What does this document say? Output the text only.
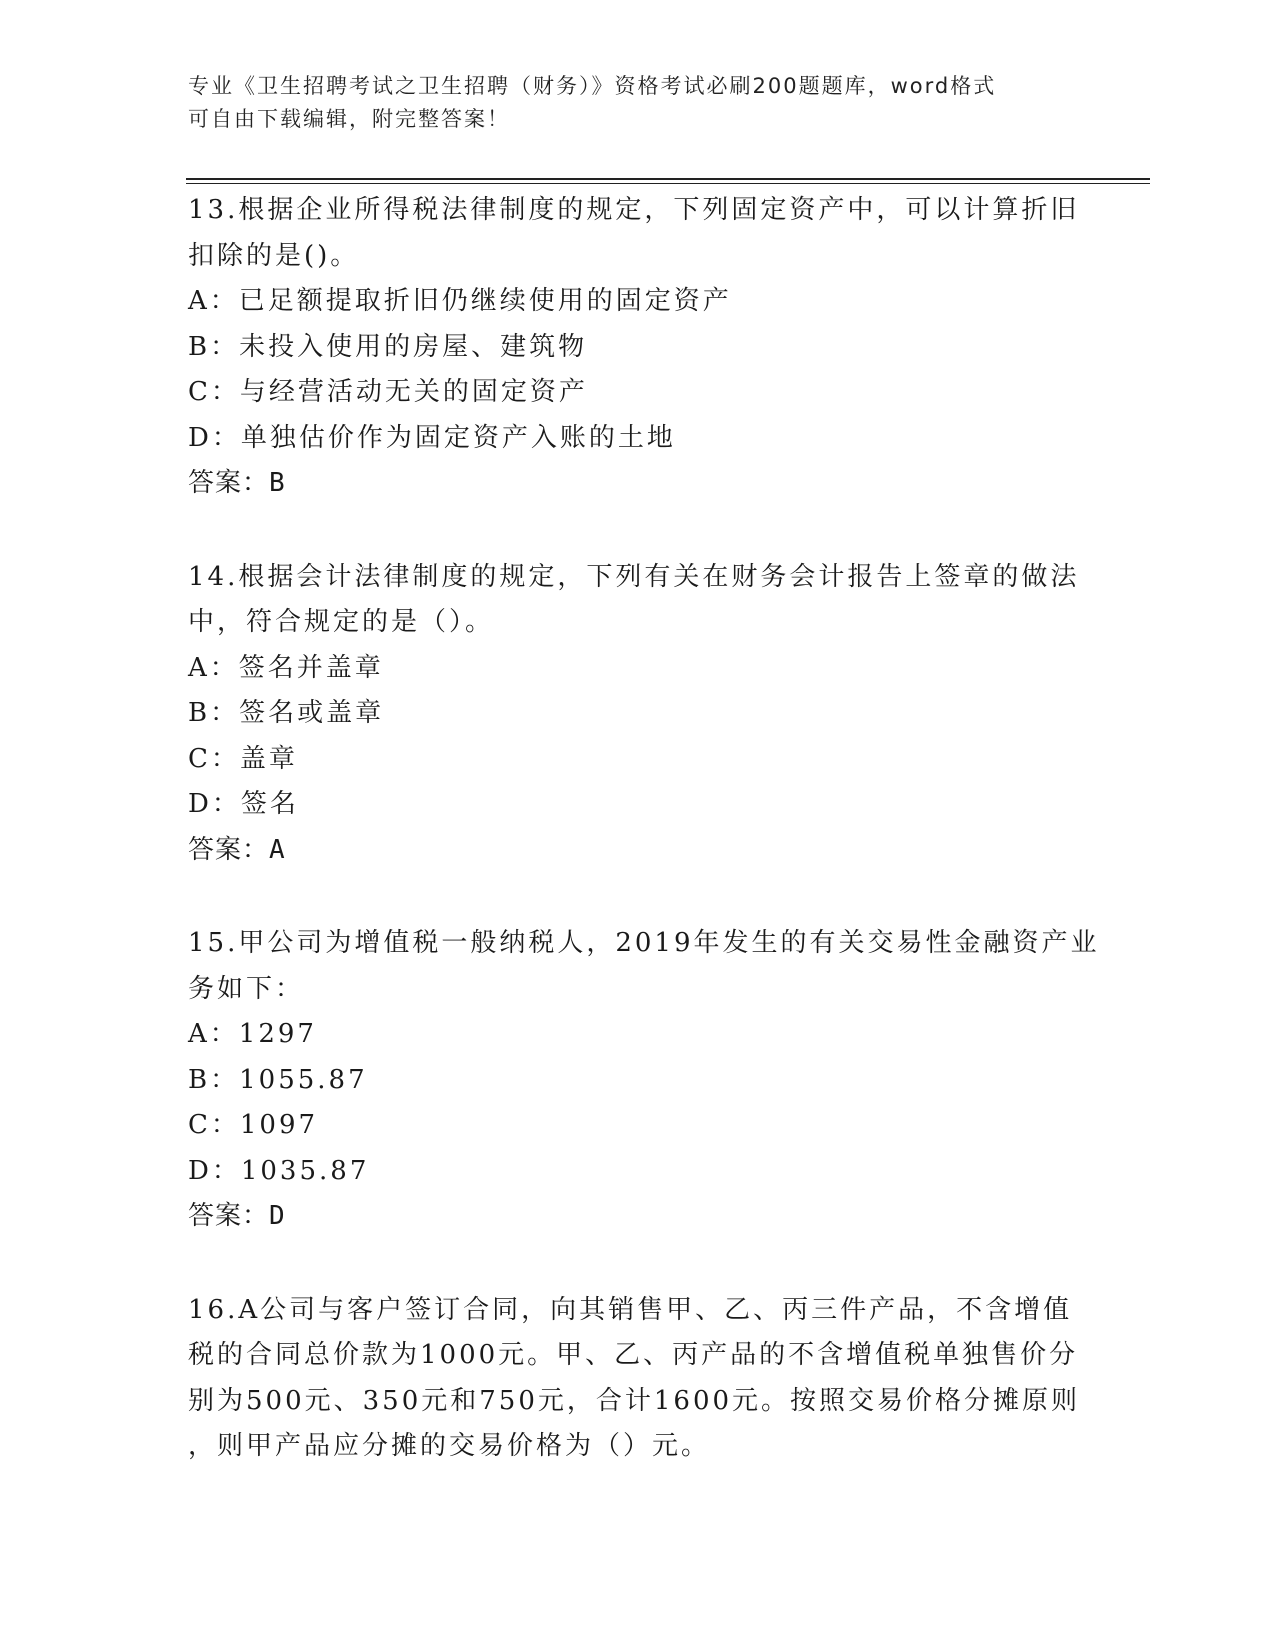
专业《卫生招聘考试之卫生招聘（财务）》资格考试必刷200题题库，word格式
可自由下载编辑，附完整答案！
13.根据企业所得税法律制度的规定，下列固定资产中，可以计算折旧
扣除的是()。
A：已足额提取折旧仍继续使用的固定资产
B：未投入使用的房屋、建筑物
C：与经营活动无关的固定资产
D：单独估价作为固定资产入账的土地
答案：B
14.根据会计法律制度的规定，下列有关在财务会计报告上签章的做法
中，符合规定的是（）。
A：签名并盖章
B：签名或盖章
C：盖章
D：签名
答案：A
15.甲公司为增值税一般纳税人，2019年发生的有关交易性金融资产业
务如下：
A：1297
B：1055.87
C：1097
D：1035.87
答案：D
16.A公司与客户签订合同，向其销售甲、乙、丙三件产品，不含增值
税的合同总价款为1000元。甲、乙、丙产品的不含增值税单独售价分
别为500元、350元和750元，合计1600元。按照交易价格分摊原则
，则甲产品应分摊的交易价格为（）元。
